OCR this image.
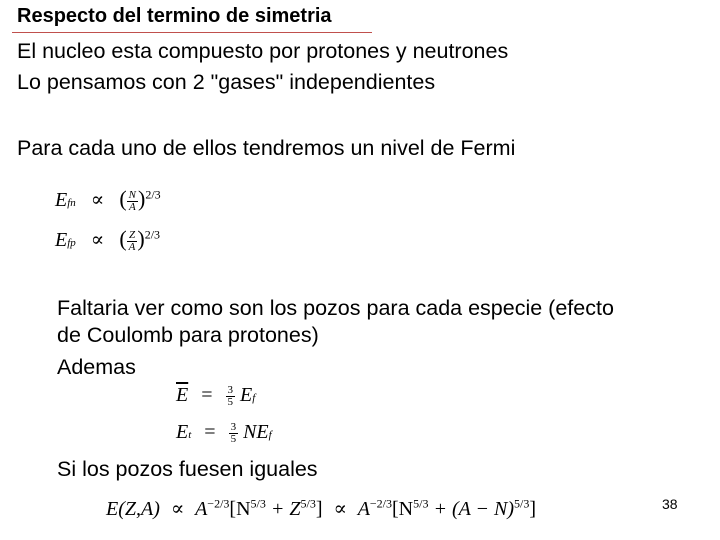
Respecto del termino de simetria
El nucleo esta compuesto por protones y neutrones
Lo pensamos con 2 "gases" independientes
Para cada uno de ellos tendremos un nivel de Fermi
Efn ∝ ( $\frac{N}{A} )^{2/3}$
Efp ∝ ( $\frac{Z}{A} )^{2/3}$
Faltaria ver como son los pozos para cada especie (efecto
de Coulomb para protones)
Ademas
$\overline{E} = \frac{3}{5}$ Ef
$Et = \frac{3}{5}$ NEf
Si los pozos fuesen iguales
$E(Z,A) \propto A^{-2/3}[N^{5/3} + Z^{5/3}] \propto A^{-2/3}[N^{5/3} + (A - N)^{5/3}]$	38
